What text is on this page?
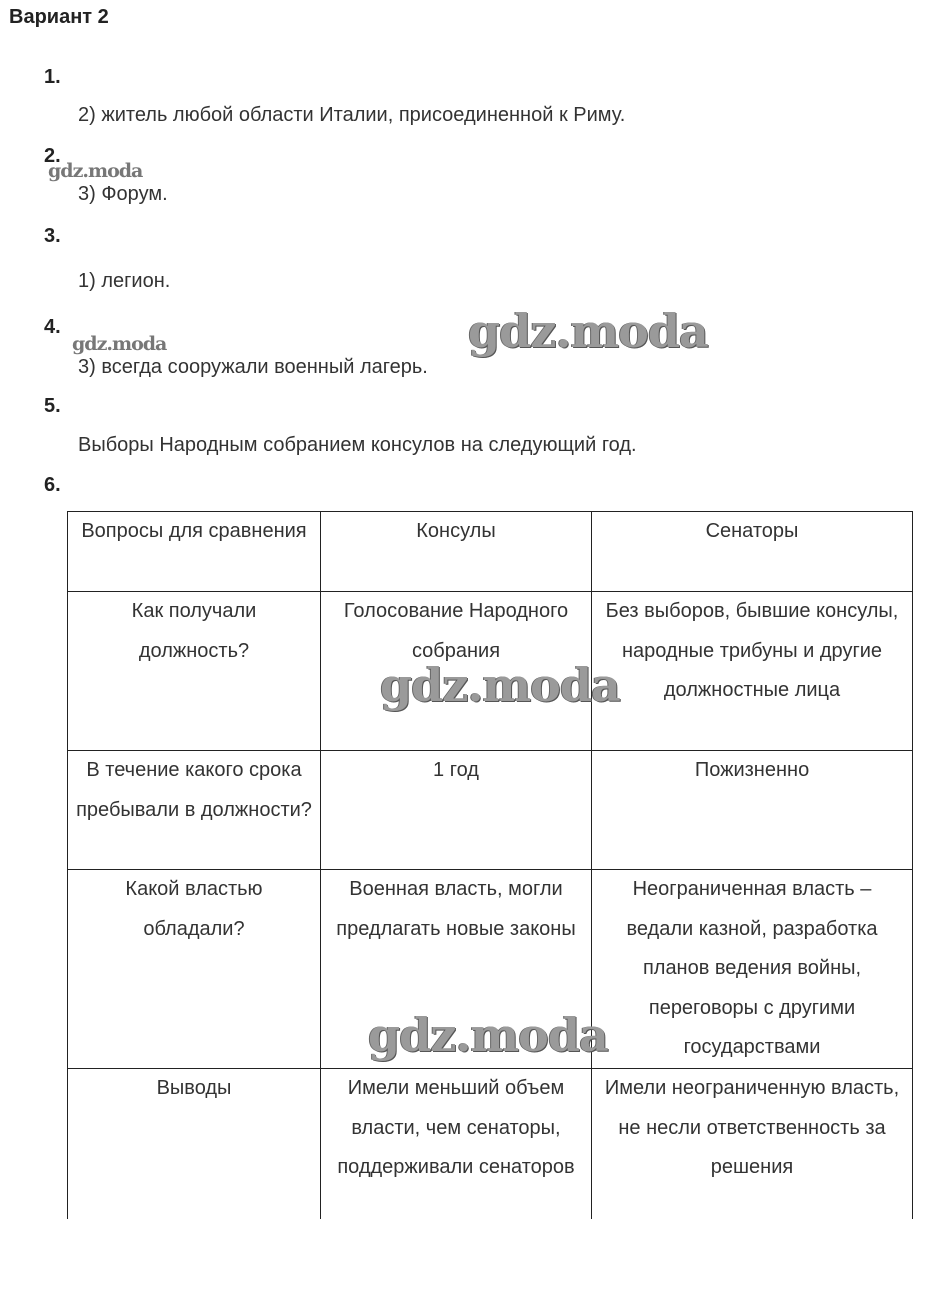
Вариант 2
1.
2) житель любой области Италии, присоединенной к Риму.
2.
gdz.moda
3) Форум.
3.
1) легион.
4.
gdz.moda
3) всегда сооружали военный лагерь.
gdz.moda
5.
Выборы Народным собранием консулов на следующий год.
6.
Вопросы для сравнения	Консулы	Сенаторы
Как получали должность?	Голосование Народного собрания	Без выборов, бывшие консулы, народные трибуны и другие должностные лица
В течение какого срока пребывали в должности?	1 год	Пожизненно
Какой властью обладали?	Военная власть, могли предлагать новые законы	Неограниченная власть – ведали казной, разработка планов ведения войны, переговоры с другими государствами
Выводы	Имели меньший объем власти, чем сенаторы, поддерживали сенаторов	Имели неограниченную власть, не несли ответственность за решения
gdz.moda
gdz.moda
